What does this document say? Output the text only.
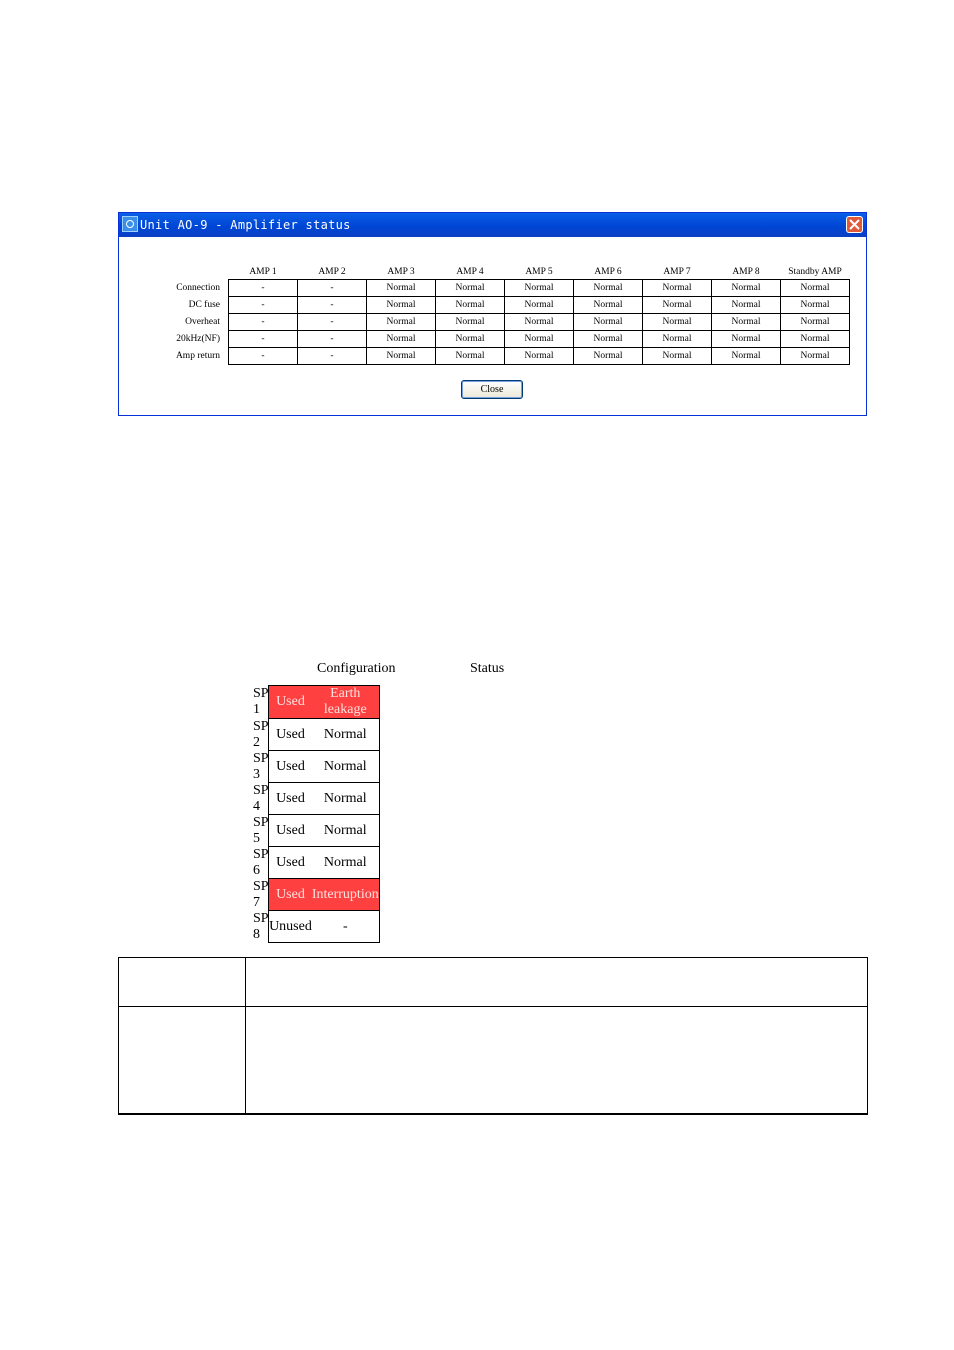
Unit AO-9 - Amplifier status
	AMP 1	AMP 2	AMP 3	AMP 4	AMP 5	AMP 6	AMP 7	AMP 8	Standby AMP
Connection	-	-	Normal	Normal	Normal	Normal	Normal	Normal	Normal
DC fuse	-	-	Normal	Normal	Normal	Normal	Normal	Normal	Normal
Overheat	-	-	Normal	Normal	Normal	Normal	Normal	Normal	Normal
20kHz(NF)	-	-	Normal	Normal	Normal	Normal	Normal	Normal	Normal
Amp return	-	-	Normal	Normal	Normal	Normal	Normal	Normal	Normal
Close
Configuration	Status
SP 1	Used	Earth leakage
SP 2	Used	Normal
SP 3	Used	Normal
SP 4	Used	Normal
SP 5	Used	Normal
SP 6	Used	Normal
SP 7	Used	Interruption
SP 8	Unused	-
